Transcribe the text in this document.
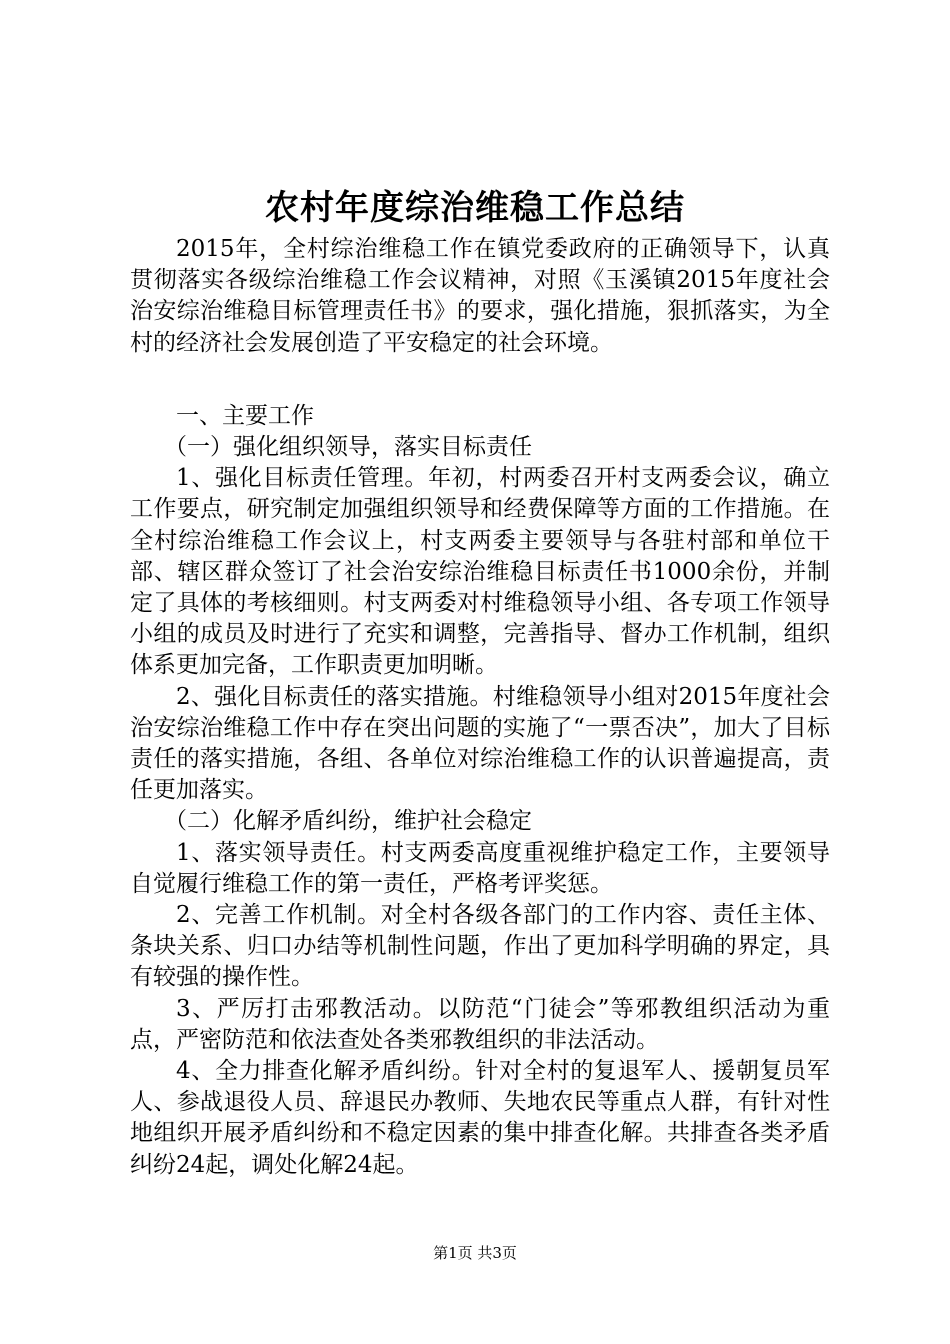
农村年度综治维稳工作总结

2015年，全村综治维稳工作在镇党委政府的正确领导下，认真贯彻落实各级综治维稳工作会议精神，对照《玉溪镇2015年度社会治安综治维稳目标管理责任书》的要求，强化措施，狠抓落实，为全村的经济社会发展创造了平安稳定的社会环境。

一、主要工作

（一）强化组织领导，落实目标责任

1、强化目标责任管理。年初，村两委召开村支两委会议，确立工作要点，研究制定加强组织领导和经费保障等方面的工作措施。在全村综治维稳工作会议上，村支两委主要领导与各驻村部和单位干部、辖区群众签订了社会治安综治维稳目标责任书1000余份，并制定了具体的考核细则。村支两委对村维稳领导小组、各专项工作领导小组的成员及时进行了充实和调整，完善指导、督办工作机制，组织体系更加完备，工作职责更加明晰。

2、强化目标责任的落实措施。村维稳领导小组对2015年度社会治安综治维稳工作中存在突出问题的实施了“一票否决”，加大了目标责任的落实措施，各组、各单位对综治维稳工作的认识普遍提高，责任更加落实。

（二）化解矛盾纠纷，维护社会稳定

1、落实领导责任。村支两委高度重视维护稳定工作，主要领导自觉履行维稳工作的第一责任，严格考评奖惩。

2、完善工作机制。对全村各级各部门的工作内容、责任主体、条块关系、归口办结等机制性问题，作出了更加科学明确的界定，具有较强的操作性。

3、严厉打击邪教活动。以防范“门徒会”等邪教组织活动为重点，严密防范和依法查处各类邪教组织的非法活动。

4、全力排查化解矛盾纠纷。针对全村的复退军人、援朝复员军人、参战退役人员、辞退民办教师、失地农民等重点人群，有针对性地组织开展矛盾纠纷和不稳定因素的集中排查化解。共排查各类矛盾纠纷24起，调处化解24起。

第1页 共3页
